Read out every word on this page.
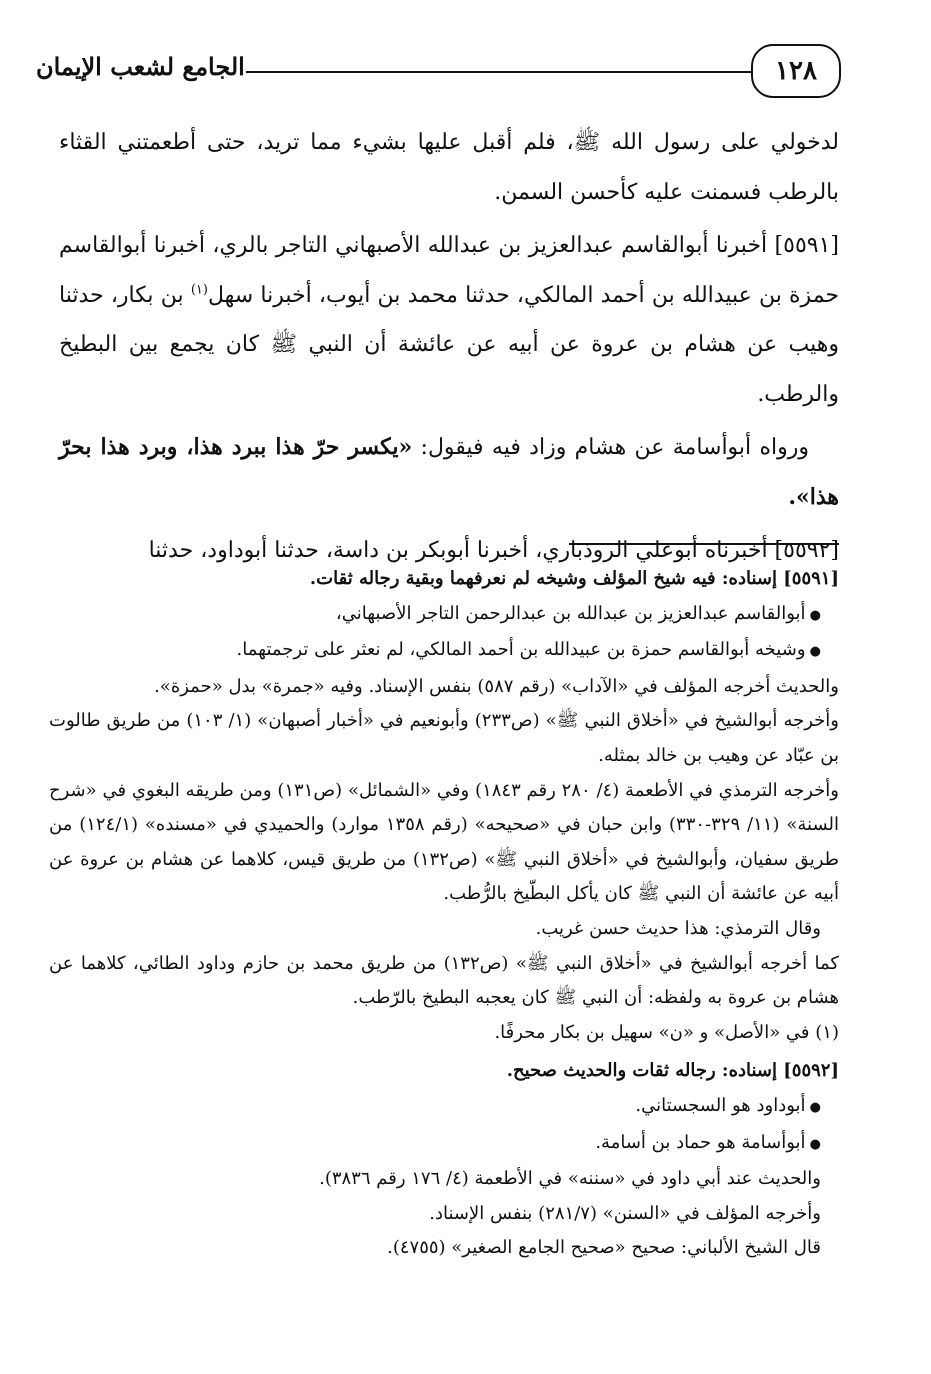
١٢٨
الجامع لشعب الإيمان

لدخولي على رسول الله ﷺ، فلم أقبل عليها بشيء مما تريد، حتى أطعمتني القثاء بالرطب فسمنت عليه كأحسن السمن.

[٥٥٩١] أخبرنا أبوالقاسم عبدالعزيز بن عبدالله الأصبهاني التاجر بالري، أخبرنا أبوالقاسم حمزة بن عبيدالله بن أحمد المالكي، حدثنا محمد بن أيوب، أخبرنا سهل$^{(١)}$ بن بكار، حدثنا وهيب عن هشام بن عروة عن أبيه عن عائشة أن النبي ﷺ كان يجمع بين البطيخ والرطب.

ورواه أبوأسامة عن هشام وزاد فيه فيقول: «يكسر حرّ هذا ببرد هذا، وبرد هذا بحرّ هذا».

[٥٥٩٢] أخبرناه أبوعلي الروذباري، أخبرنا أبوبكر بن داسة، حدثنا أبوداود، حدثنا

[٥٥٩١] إسناده: فيه شيخ المؤلف وشيخه لم نعرفهما وبقية رجاله ثقات.

● أبوالقاسم عبدالعزيز بن عبدالله بن عبدالرحمن التاجر الأصبهاني،

● وشيخه أبوالقاسم حمزة بن عبيدالله بن أحمد المالكي، لم نعثر على ترجمتهما.

والحديث أخرجه المؤلف في «الآداب» (رقم ٥٨٧) بنفس الإسناد. وفيه «جمرة» بدل «حمزة».

وأخرجه أبوالشيخ في «أخلاق النبي ﷺ» (ص٢٣٣) وأبونعيم في «أخبار أصبهان» (١/ ١٠٣) من طريق طالوت بن عبّاد عن وهيب بن خالد بمثله.

وأخرجه الترمذي في الأطعمة (٤/ ٢٨٠ رقم ١٨٤٣) وفي «الشمائل» (ص١٣١) ومن طريقه البغوي في «شرح السنة» (١١/ ٣٢٩-٣٣٠) وابن حبان في «صحيحه» (رقم ١٣٥٨ موارد) والحميدي في «مسنده» (١٢٤/١) من طريق سفيان، وأبوالشيخ في «أخلاق النبي ﷺ» (ص١٣٢) من طريق قيس، كلاهما عن هشام بن عروة عن أبيه عن عائشة أن النبي ﷺ كان يأكل البطّيخ بالرُّطب.

وقال الترمذي: هذا حديث حسن غريب.

كما أخرجه أبوالشيخ في «أخلاق النبي ﷺ» (ص١٣٢) من طريق محمد بن حازم وداود الطائي، كلاهما عن هشام بن عروة به ولفظه: أن النبي ﷺ كان يعجبه البطيخ بالرّطب.

(١) في «الأصل» و «ن» سهيل بن بكار محرفًا.

[٥٥٩٢] إسناده: رجاله ثقات والحديث صحيح.

● أبوداود هو السجستاني.

● أبوأسامة هو حماد بن أسامة.

والحديث عند أبي داود في «سننه» في الأطعمة (٤/ ١٧٦ رقم ٣٨٣٦).

وأخرجه المؤلف في «السنن» (٢٨١/٧) بنفس الإسناد.

قال الشيخ الألباني: صحيح «صحيح الجامع الصغير» (٤٧٥٥).
